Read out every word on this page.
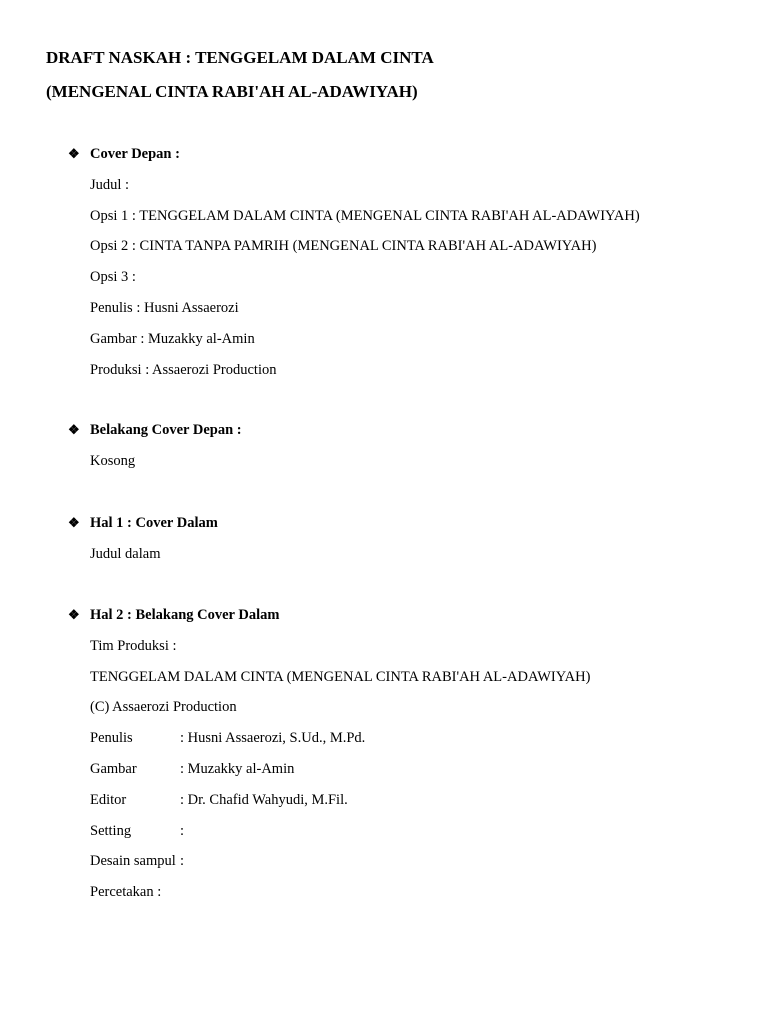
DRAFT NASKAH : TENGGELAM DALAM CINTA
(MENGENAL CINTA RABI'AH AL-ADAWIYAH)
❖ Cover Depan :
Judul :
Opsi 1 : TENGGELAM DALAM CINTA (MENGENAL CINTA RABI'AH AL-ADAWIYAH)
Opsi 2 : CINTA TANPA PAMRIH (MENGENAL CINTA RABI'AH AL-ADAWIYAH)
Opsi 3 :
Penulis : Husni Assaerozi
Gambar : Muzakky al-Amin
Produksi : Assaerozi Production
❖ Belakang Cover Depan :
Kosong
❖ Hal 1 : Cover Dalam
Judul dalam
❖ Hal 2 : Belakang Cover Dalam
Tim Produksi :
TENGGELAM DALAM CINTA (MENGENAL CINTA RABI'AH AL-ADAWIYAH)
(C) Assaerozi Production
Penulis	: Husni Assaerozi, S.Ud., M.Pd.
Gambar	: Muzakky al-Amin
Editor	: Dr. Chafid Wahyudi, M.Fil.
Setting	:
Desain sampul :
Percetakan :
